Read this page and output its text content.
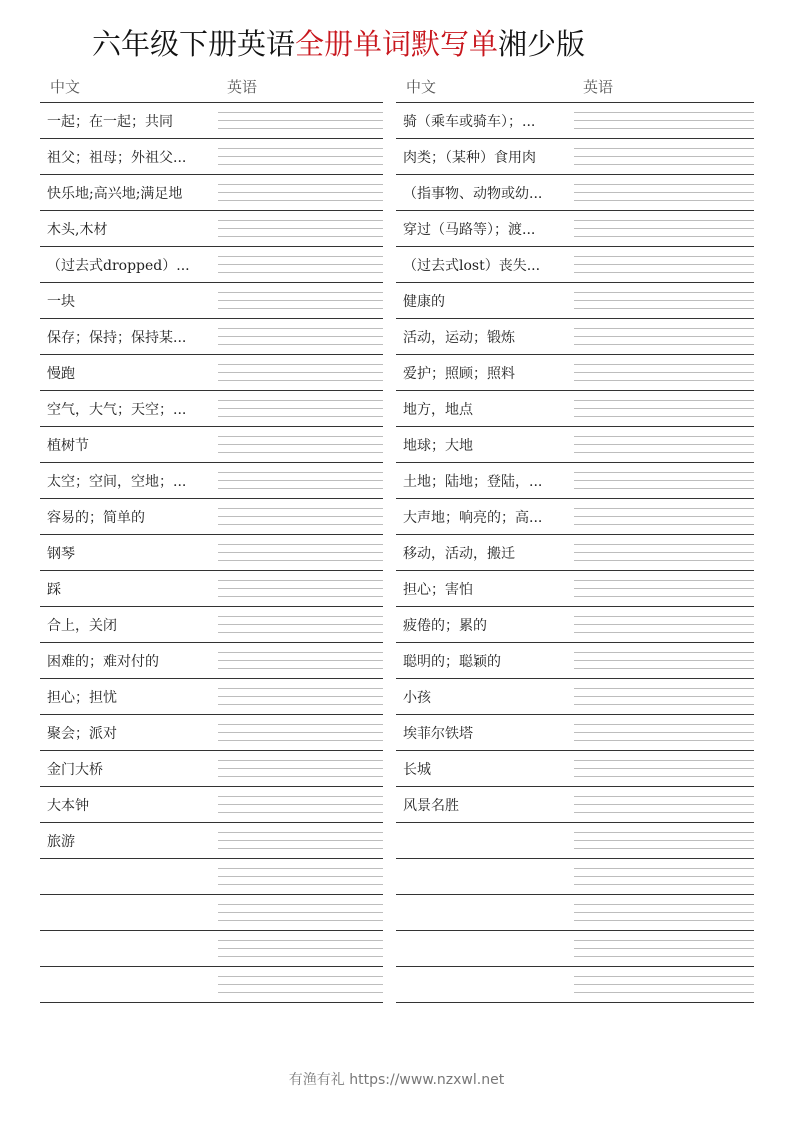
六年级下册英语全册单词默写单湘少版
中文	英语
一起；在一起；共同
祖父；祖母；外祖父...
快乐地;高兴地;满足地
木头,木材
（过去式dropped）...
一块
保存；保持；保持某...
慢跑
空气，大气；天空；...
植树节
太空；空间，空地；...
容易的；简单的
钢琴
踩
合上，关闭
困难的；难对付的
担心；担忧
聚会；派对
金门大桥
大本钟
旅游
中文	英语
骑（乘车或骑车）；...
肉类；（某种）食用肉
（指事物、动物或幼...
穿过（马路等）；渡...
（过去式lost）丧失...
健康的
活动，运动；锻炼
爱护；照顾；照料
地方，地点
地球；大地
土地；陆地；登陆，...
大声地；响亮的；高...
移动，活动，搬迁
担心；害怕
疲倦的；累的
聪明的；聪颖的
小孩
埃菲尔铁塔
长城
风景名胜
有渔有礼 https://www.nzxwl.net
